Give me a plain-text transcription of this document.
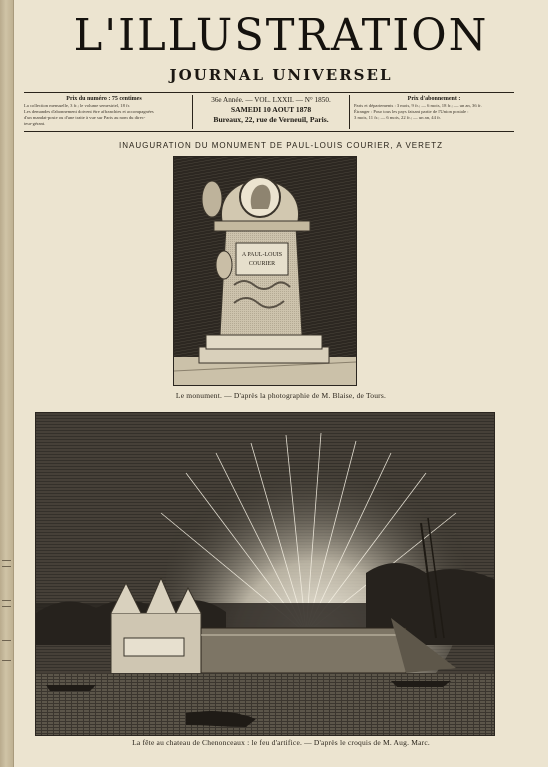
L'ILLUSTRATION
JOURNAL UNIVERSEL
Prix du numéro : 75 centimes
La collection mensuelle, 3 fr.; le volume semestriel, 18 fr.
Les demandes d'abonnement doivent être affranchies et accompagnées
d'un mandat-poste ou d'une traite à vue sur Paris au nom du direc-
teur-gérant.
36e Année. — VOL. LXXII. — N° 1850.
SAMEDI 10 AOUT 1878
Bureaux, 22, rue de Verneuil, Paris.
Prix d'abonnement :
Paris et départements : 3 mois, 9 fr.; — 6 mois, 18 fr.; — un an, 36 fr.
Étranger : Pour tous les pays faisant partie de l'Union postale :
3 mois, 11 fr.; — 6 mois, 22 fr.; — un an, 44 fr.
INAUGURATION DU MONUMENT DE PAUL-LOUIS COURIER, A VERETZ
A PAUL-LOUIS
COURIER
Le monument. — D'après la photographie de M. Blaise, de Tours.
La fête au chateau de Chenonceaux : le feu d'artifice. — D'après le croquis de M. Aug. Marc.
